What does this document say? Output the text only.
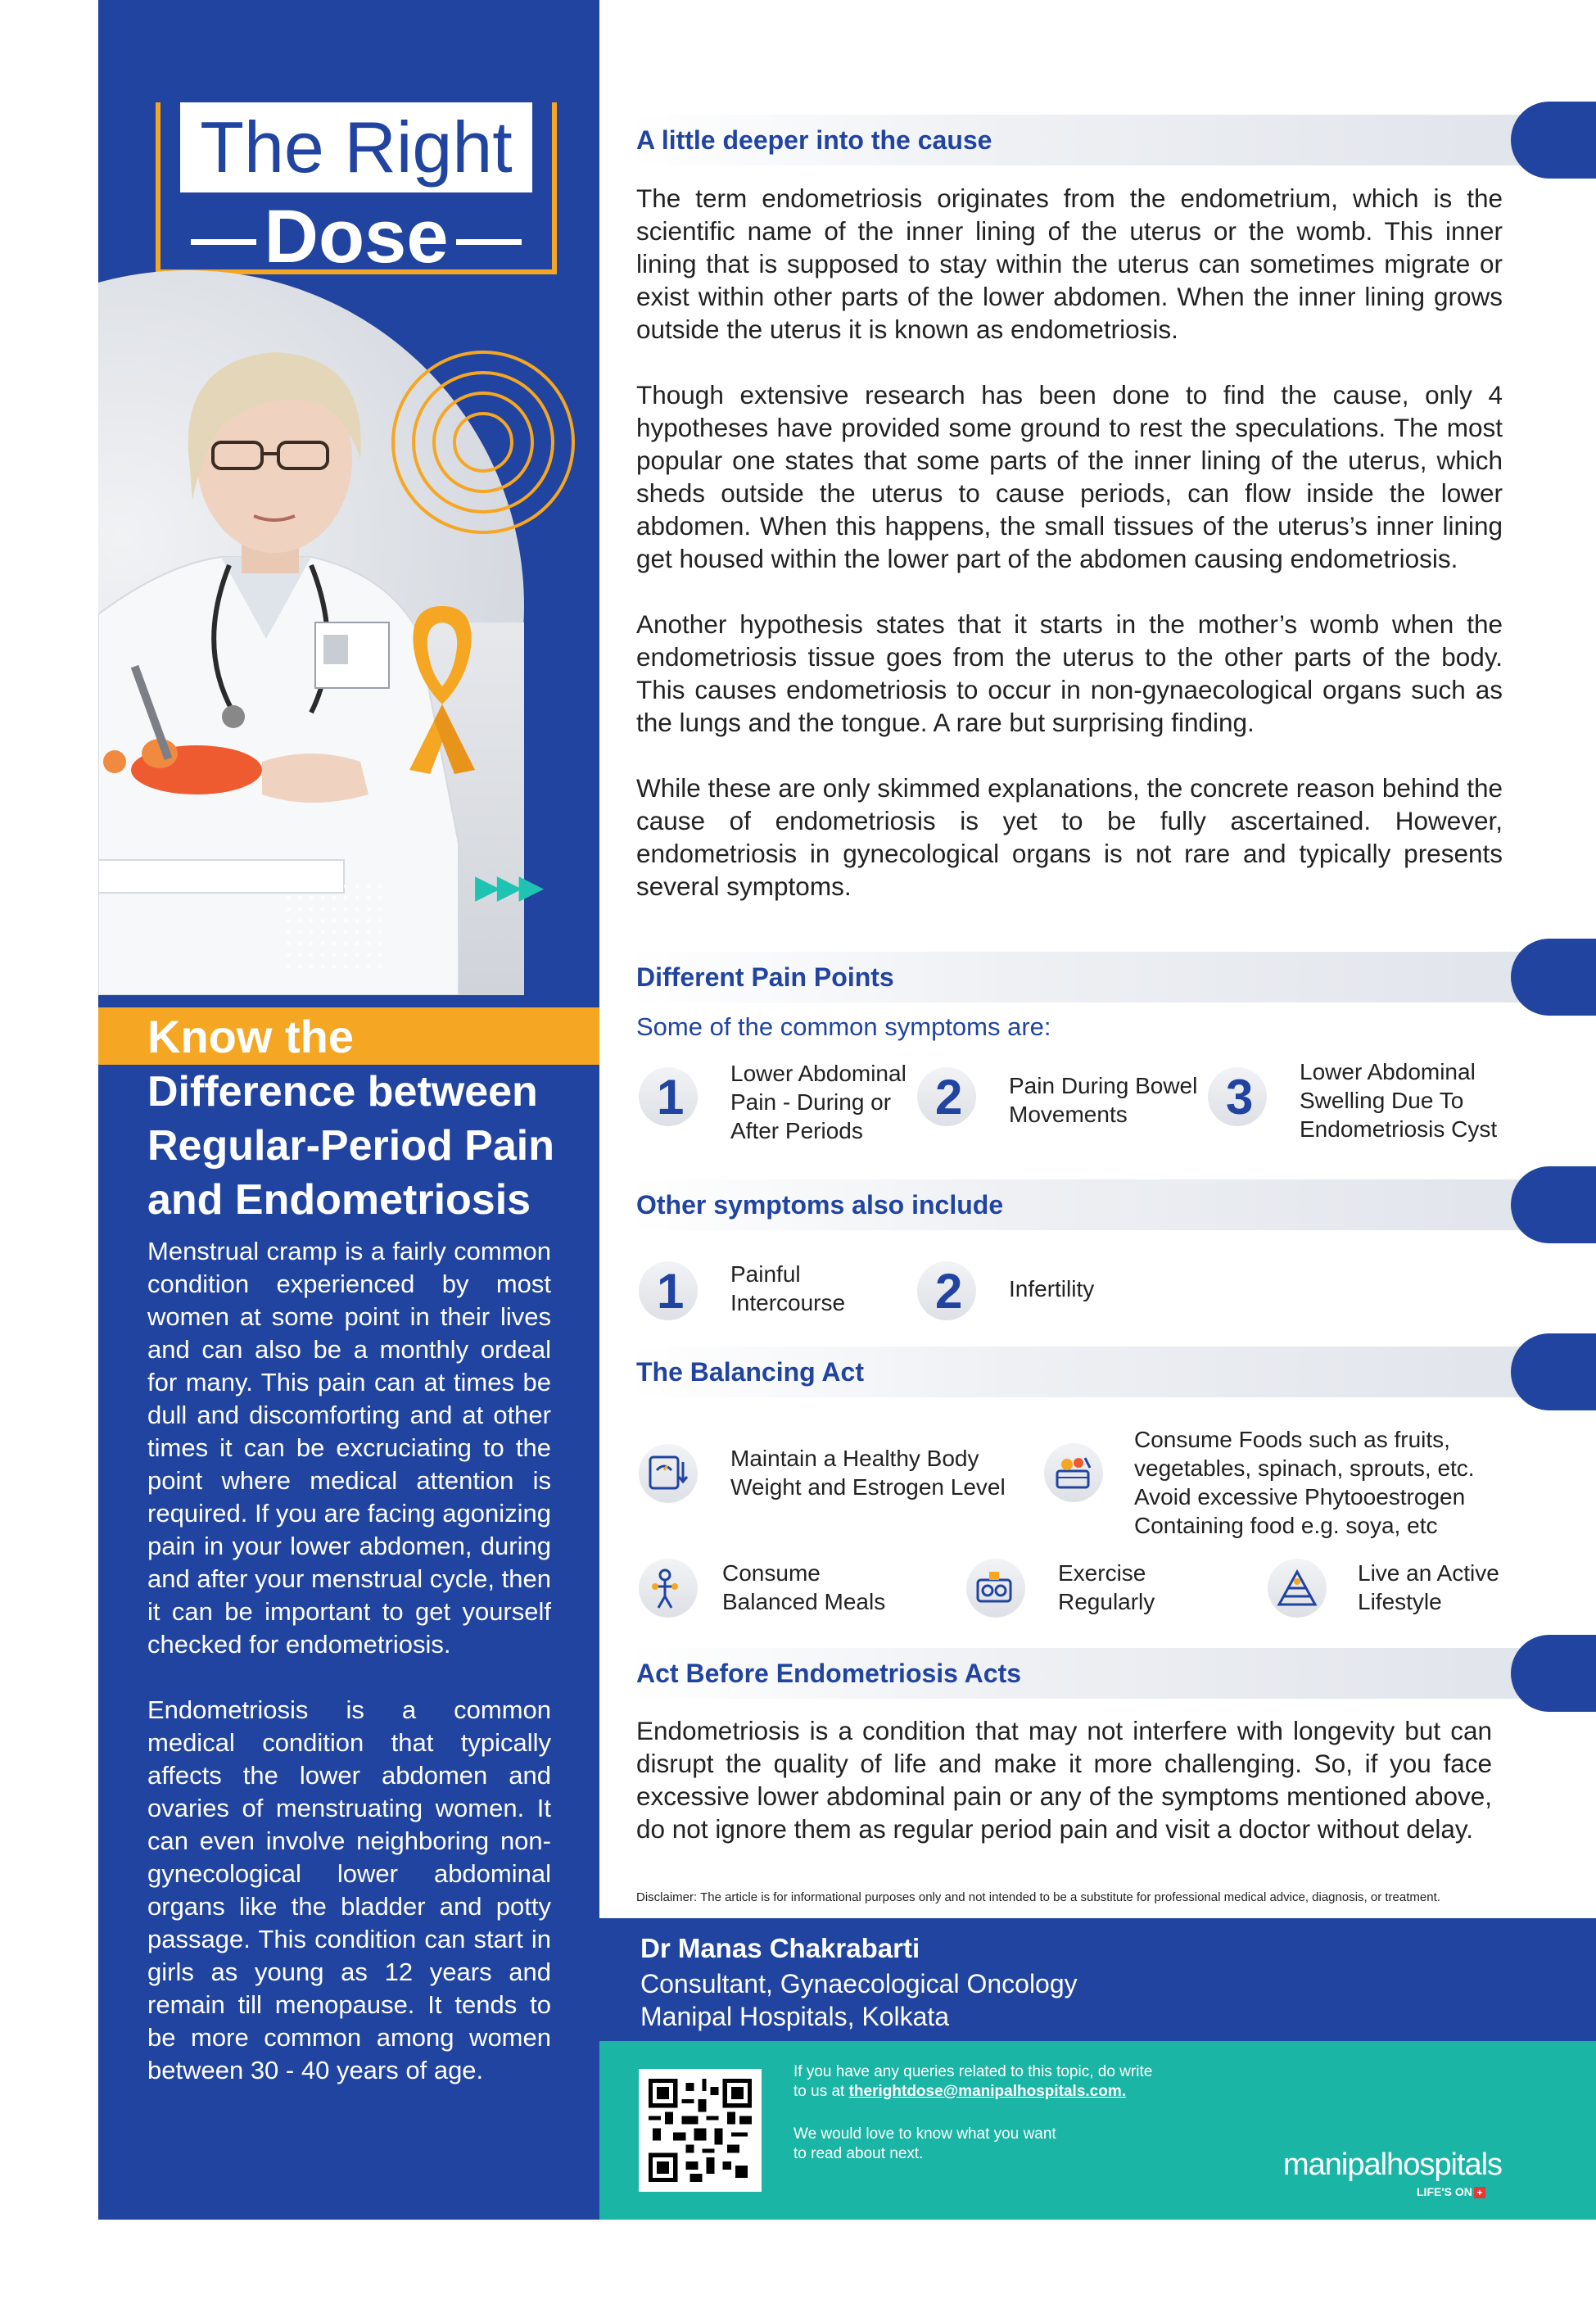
The Right
Dose
▶▶▶
Know the
Difference between
Regular-Period Pain
and Endometriosis

Menstrual cramp is a fairly common condition experienced by most women at some point in their lives and can also be a monthly ordeal for many. This pain can at times be dull and discomforting and at other times it can be excruciating to the point where medical attention is required. If you are facing agonizing pain in your lower abdomen, during and after your menstrual cycle, then it can be important to get yourself checked for endometriosis.

Endometriosis is a common medical condition that typically affects the lower abdomen and ovaries of menstruating women. It can even involve neighboring non-gynecological lower abdominal organs like the bladder and potty passage. This condition can start in girls as young as 12 years and remain till menopause. It tends to be more common among women between 30 - 40 years of age.

A little deeper into the cause

The term endometriosis originates from the endometrium, which is the scientific name of the inner lining of the uterus or the womb. This inner lining that is supposed to stay within the uterus can sometimes migrate or exist within other parts of the lower abdomen. When the inner lining grows outside the uterus it is known as endometriosis.

Though extensive research has been done to find the cause, only 4 hypotheses have provided some ground to rest the speculations. The most popular one states that some parts of the inner lining of the uterus, which sheds outside the uterus to cause periods, can flow inside the lower abdomen. When this happens, the small tissues of the uterus’s inner lining get housed within the lower part of the abdomen causing endometriosis.

Another hypothesis states that it starts in the mother’s womb when the endometriosis tissue goes from the uterus to the other parts of the body. This causes endometriosis to occur in non-gynaecological organs such as the lungs and the tongue. A rare but surprising finding.

While these are only skimmed explanations, the concrete reason behind the cause of endometriosis is yet to be fully ascertained. However, endometriosis in gynecological organs is not rare and typically presents several symptoms.

Different Pain Points
Some of the common symptoms are:
1 Lower Abdominal
Pain - During or
After Periods
2 Pain During Bowel
Movements	3 Lower Abdominal
Swelling Due To
Endometriosis Cyst
Other symptoms also include
1 Painful
Intercourse 2 Infertility
The Balancing Act
Maintain a Healthy Body
Weight and Estrogen Level
Consume Foods such as fruits,
vegetables, spinach, sprouts, etc.
Avoid excessive Phytooestrogen
Containing food e.g. soya, etc
Consume
Balanced Meals
Exercise
Regularly
Live an Active
Lifestyle
Act Before Endometriosis Acts

Endometriosis is a condition that may not interfere with longevity but can disrupt the quality of life and make it more challenging. So, if you face excessive lower abdominal pain or any of the symptoms mentioned above, do not ignore them as regular period pain and visit a doctor without delay.

Disclaimer: The article is for informational purposes only and not intended to be a substitute for professional medical advice, diagnosis, or treatment.
Dr Manas Chakrabarti
Consultant, Gynaecological Oncology
Manipal Hospitals, Kolkata
If you have any queries related to this topic, do write
to us at therightdose@manipalhospitals.com.
We would love to know what you want
to read about next.	manipalhospitals
LIFE'S ON +
